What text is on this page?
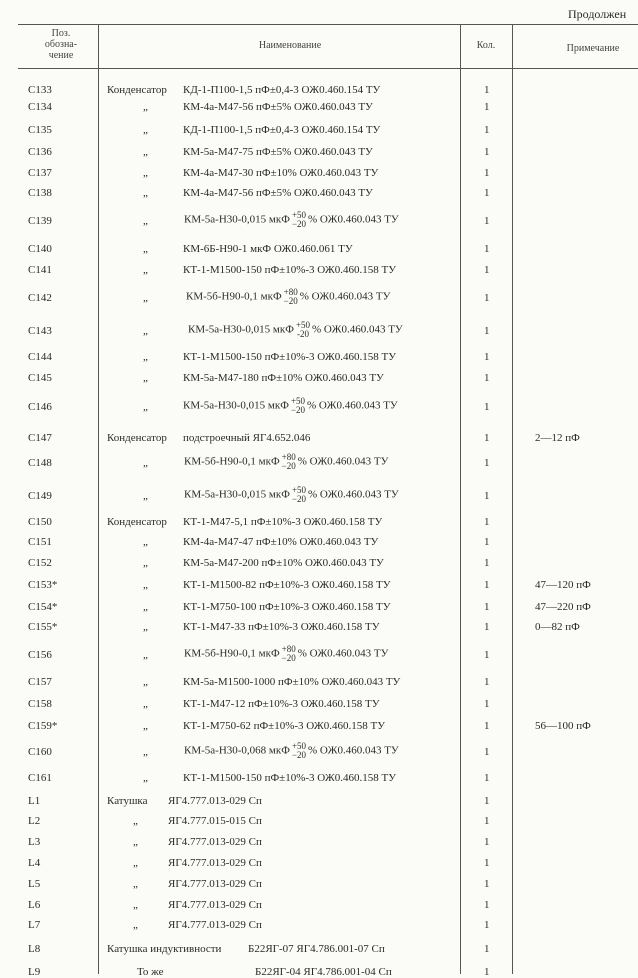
Продолжен
Поз. обозна- чение
Наименование	Кол.	Примечание
C133	Конденсатор КД-1-П100-1,5 пФ±0,4-3 ОЖ0.460.154 ТУ	1
C134	„	КМ-4а-М47-56 пФ±5% ОЖ0.460.043 ТУ	1
C135	„	КД-1-П100-1,5 пФ±0,4-3 ОЖ0.460.154 ТУ	1
C136	„	КМ-5а-М47-75 пФ±5% ОЖ0.460.043 ТУ	1
C137	„	КМ-4а-М47-30 пФ±10% ОЖ0.460.043 ТУ	1
C138	„	КМ-4а-М47-56 пФ±5% ОЖ0.460.043 ТУ	1
C139	„	КМ-5а-Н30-0,015 мкФ +50
−20 % ОЖ0.460.043 ТУ	1
C140	„	КМ-6Б-Н90-1 мкФ ОЖ0.460.061 ТУ	1
C141	„	КТ-1-М1500-150 пФ±10%-3 ОЖ0.460.158 ТУ	1
C142	„	КМ-5б-Н90-0,1 мкФ +80
−20 % ОЖ0.460.043 ТУ	1
C143	„	КМ-5а-Н30-0,015 мкФ +50
-20 % ОЖ0.460.043 ТУ	1
C144	„	КТ-1-М1500-150 пФ±10%-3 ОЖ0.460.158 ТУ	1
C145	„	КМ-5а-М47-180 пФ±10% ОЖ0.460.043 ТУ	1
C146	„	КМ-5а-Н30-0,015 мкФ +50
−20 % ОЖ0.460.043 ТУ	1
C147	Конденсатор подстроечный ЯГ4.652.046	1	2—12 пФ
C148	„	КМ-5б-Н90-0,1 мкФ +80
−20 % ОЖ0.460.043 ТУ	1
C149	„	КМ-5а-Н30-0,015 мкФ +50
−20 % ОЖ0.460.043 ТУ	1
C150	Конденсатор КТ-1-М47-5,1 пФ±10%-3 ОЖ0.460.158 ТУ	1
C151	„	КМ-4а-М47-47 пФ±10% ОЖ0.460.043 ТУ	1
C152	„	КМ-5а-М47-200 пФ±10% ОЖ0.460.043 ТУ	1
C153*	„	КТ-1-М1500-82 пФ±10%-3 ОЖ0.460.158 ТУ	1	47—120 пФ
C154*	„	КТ-1-М750-100 пФ±10%-3 ОЖ0.460.158 ТУ	1	47—220 пФ
C155*	„	КТ-1-М47-33 пФ±10%-3 ОЖ0.460.158 ТУ	1	0—82 пФ
C156	„	КМ-5б-Н90-0,1 мкФ +80
−20 % ОЖ0.460.043 ТУ	1
C157	„	КМ-5а-М1500-1000 пФ±10% ОЖ0.460.043 ТУ	1
C158	„	КТ-1-М47-12 пФ±10%-3 ОЖ0.460.158 ТУ	1
C159*	„	КТ-1-М750-62 пФ±10%-3 ОЖ0.460.158 ТУ	1	56—100 пФ
C160	„	КМ-5а-Н30-0,068 мкФ +50
−20 % ОЖ0.460.043 ТУ	1
C161	„	КТ-1-М1500-150 пФ±10%-3 ОЖ0.460.158 ТУ	1
L1	Катушка ЯГ4.777.013-029 Сп	1
L2	„	ЯГ4.777.015-015 Сп	1
L3	„	ЯГ4.777.013-029 Сп	1
L4	„	ЯГ4.777.013-029 Сп	1
L5	„	ЯГ4.777.013-029 Сп	1
L6	„	ЯГ4.777.013-029 Сп	1
L7	„	ЯГ4.777.013-029 Сп	1
L8	Катушка индуктивности Б22ЯГ-07 ЯГ4.786.001-07 Сп	1
L9	То же	Б22ЯГ-04 ЯГ4.786.001-04 Сп	1
